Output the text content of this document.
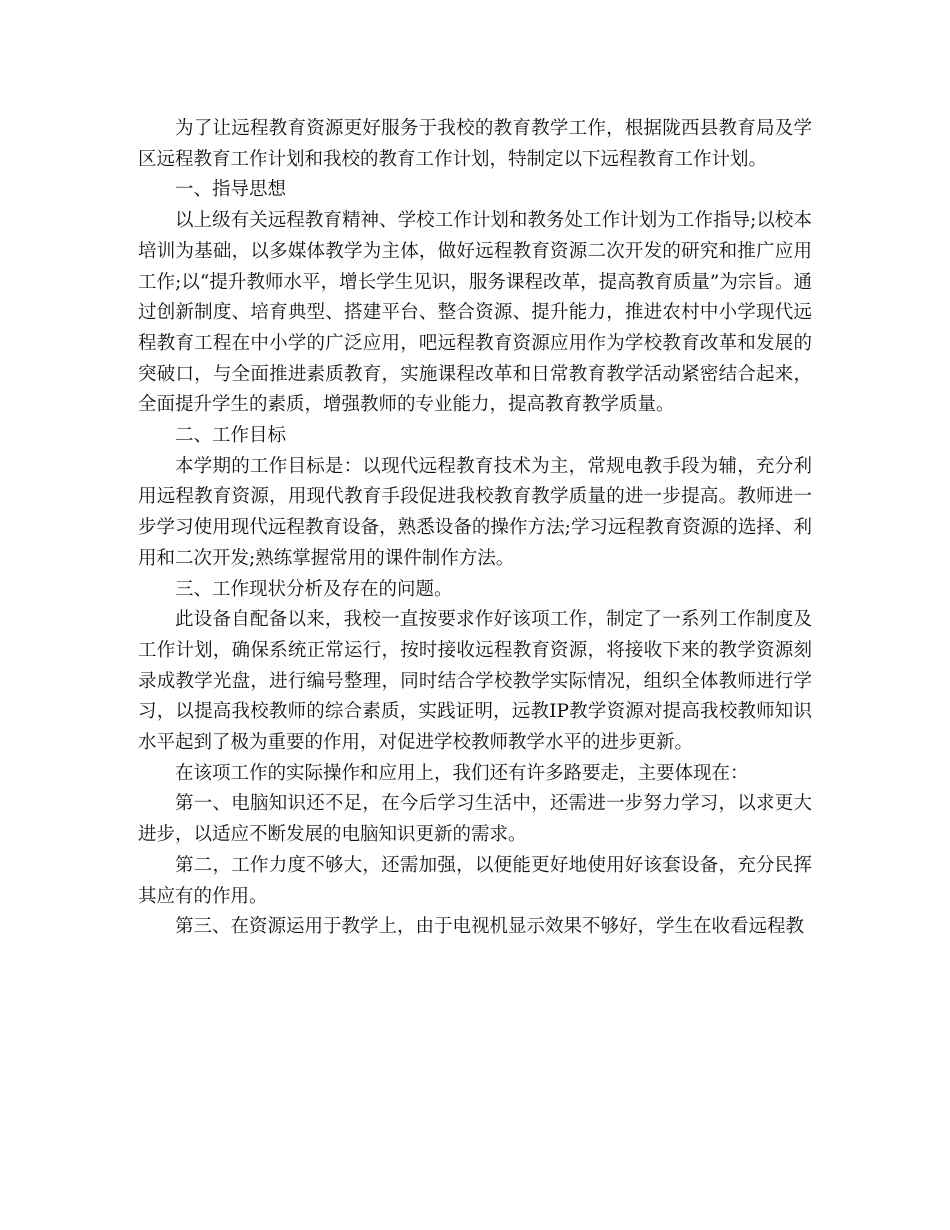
为了让远程教育资源更好服务于我校的教育教学工作，根据陇西县教育局及学区远程教育工作计划和我校的教育工作计划，特制定以下远程教育工作计划。

一、指导思想

以上级有关远程教育精神、学校工作计划和教务处工作计划为工作指导;以校本培训为基础，以多媒体教学为主体，做好远程教育资源二次开发的研究和推广应用工作;以“提升教师水平，增长学生见识，服务课程改革，提高教育质量”为宗旨。通过创新制度、培育典型、搭建平台、整合资源、提升能力，推进农村中小学现代远程教育工程在中小学的广泛应用，吧远程教育资源应用作为学校教育改革和发展的突破口，与全面推进素质教育，实施课程改革和日常教育教学活动紧密结合起来，全面提升学生的素质，增强教师的专业能力，提高教育教学质量。

二、工作目标

本学期的工作目标是：以现代远程教育技术为主，常规电教手段为辅，充分利用远程教育资源，用现代教育手段促进我校教育教学质量的进一步提高。教师进一步学习使用现代远程教育设备，熟悉设备的操作方法;学习远程教育资源的选择、利用和二次开发;熟练掌握常用的课件制作方法。

三、工作现状分析及存在的问题。

此设备自配备以来，我校一直按要求作好该项工作，制定了一系列工作制度及工作计划，确保系统正常运行，按时接收远程教育资源，将接收下来的教学资源刻录成教学光盘，进行编号整理，同时结合学校教学实际情况，组织全体教师进行学习，以提高我校教师的综合素质，实践证明，远教IP教学资源对提高我校教师知识水平起到了极为重要的作用，对促进学校教师教学水平的进步更新。

在该项工作的实际操作和应用上，我们还有许多路要走，主要体现在：

第一、电脑知识还不足，在今后学习生活中，还需进一步努力学习，以求更大进步，以适应不断发展的电脑知识更新的需求。

第二，工作力度不够大，还需加强，以便能更好地使用好该套设备，充分民挥其应有的作用。

第三、在资源运用于教学上，由于电视机显示效果不够好，学生在收看远程教
